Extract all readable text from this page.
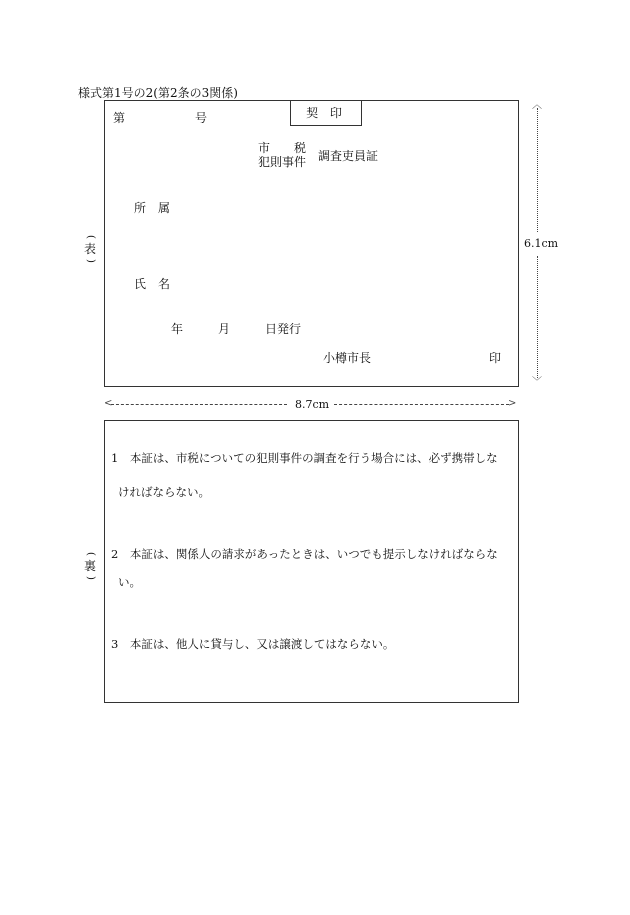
様式第1号の2(第2条の3関係)
(
表
)
第	号	契 印
市　　税
犯則事件 調査吏員証
所　属
氏　名
年	月	日発行
小樽市長	印
︿
6.1cm
﹀
<	8.7cm	>
(
裏
)
1　本証は、市税についての犯則事件の調査を行う場合には、必ず携帯しな
ければならない。
2　本証は、関係人の請求があったときは、いつでも提示しなければならな
い。
3　本証は、他人に貸与し、又は譲渡してはならない。
